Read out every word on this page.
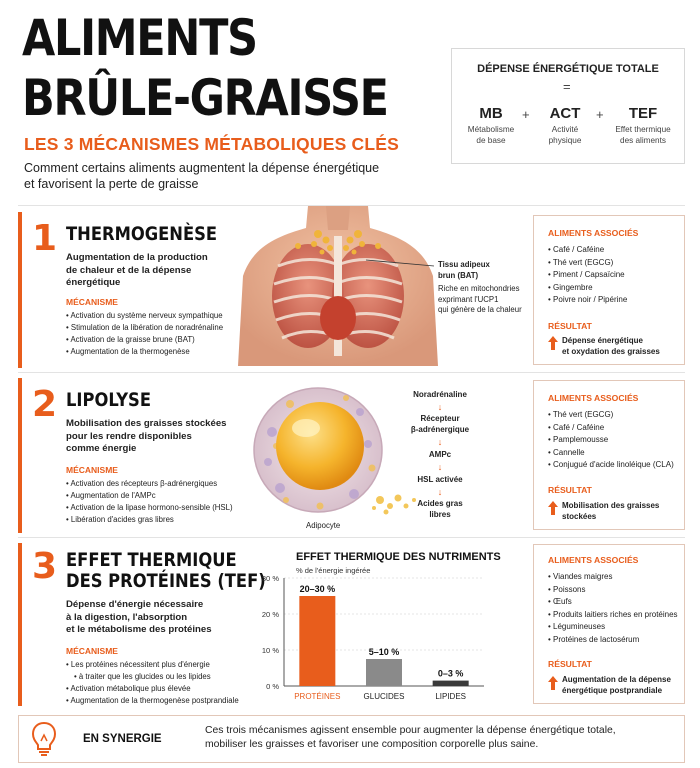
ALIMENTS
BRÛLE-GRAISSE
LES 3 MÉCANISMES MÉTABOLIQUES CLÉS
Comment certains aliments augmentent la dépense énergétique
et favorisent la perte de graisse
DÉPENSE ÉNERGÉTIQUE TOTALE
=
MB
Métabolisme
de base
+	ACT
Activité
physique
+	TEF
Effet thermique
des aliments
1 THERMOGENÈSE
Augmentation de la production
de chaleur et de la dépense
énergétique
MÉCANISME
• Activation du système nerveux sympathique
• Stimulation de la libération de noradrénaline
• Activation de la graisse brune (BAT)
• Augmentation de la thermogenèse
Tissu adipeux
brun (BAT)
Riche en mitochondries
exprimant l'UCP1
qui génère de la chaleur
ALIMENTS ASSOCIÉS
• Café / Caféine
• Thé vert (EGCG)
• Piment / Capsaïcine
• Gingembre
• Poivre noir / Pipérine
RÉSULTAT
Dépense énergétique
et oxydation des graisses
2 LIPOLYSE
Mobilisation des graisses stockées
pour les rendre disponibles
comme énergie
MÉCANISME
• Activation des récepteurs β-adrénergiques
• Augmentation de l'AMPc
• Activation de la lipase hormono-sensible (HSL)
• Libération d'acides gras libres
Adipocyte
Noradrénaline
↓
Récepteur
β-adrénergique
↓
AMPc
↓
HSL activée
↓
Acides gras
libres
ALIMENTS ASSOCIÉS
• Thé vert (EGCG)
• Café / Caféine
• Pamplemousse
• Cannelle
• Conjugué d'acide linoléique (CLA)
RÉSULTAT
Mobilisation des graisses
stockées
3 EFFET THERMIQUE
DES PROTÉINES (TEF)
Dépense d'énergie nécessaire
à la digestion, l'absorption
et le métabolisme des protéines
MÉCANISME
• Les protéines nécessitent plus d'énergie
• à traiter que les glucides ou les lipides
• Activation métabolique plus élevée
• Augmentation de la thermogenèse postprandiale
EFFET THERMIQUE DES NUTRIMENTS
% de l'énergie ingérée
0 %
10 %
20 %
30 %
20–30 %
PROTÉINES
5–10 %
GLUCIDES
0–3 %
LIPIDES
ALIMENTS ASSOCIÉS
• Viandes maigres
• Poissons
• Œufs
• Produits laitiers riches en protéines
• Légumineuses
• Protéines de lactosérum
RÉSULTAT
Augmentation de la dépense
énergétique postprandiale
EN SYNERGIE
Ces trois mécanismes agissent ensemble pour augmenter la dépense énergétique totale,
mobiliser les graisses et favoriser une composition corporelle plus saine.
